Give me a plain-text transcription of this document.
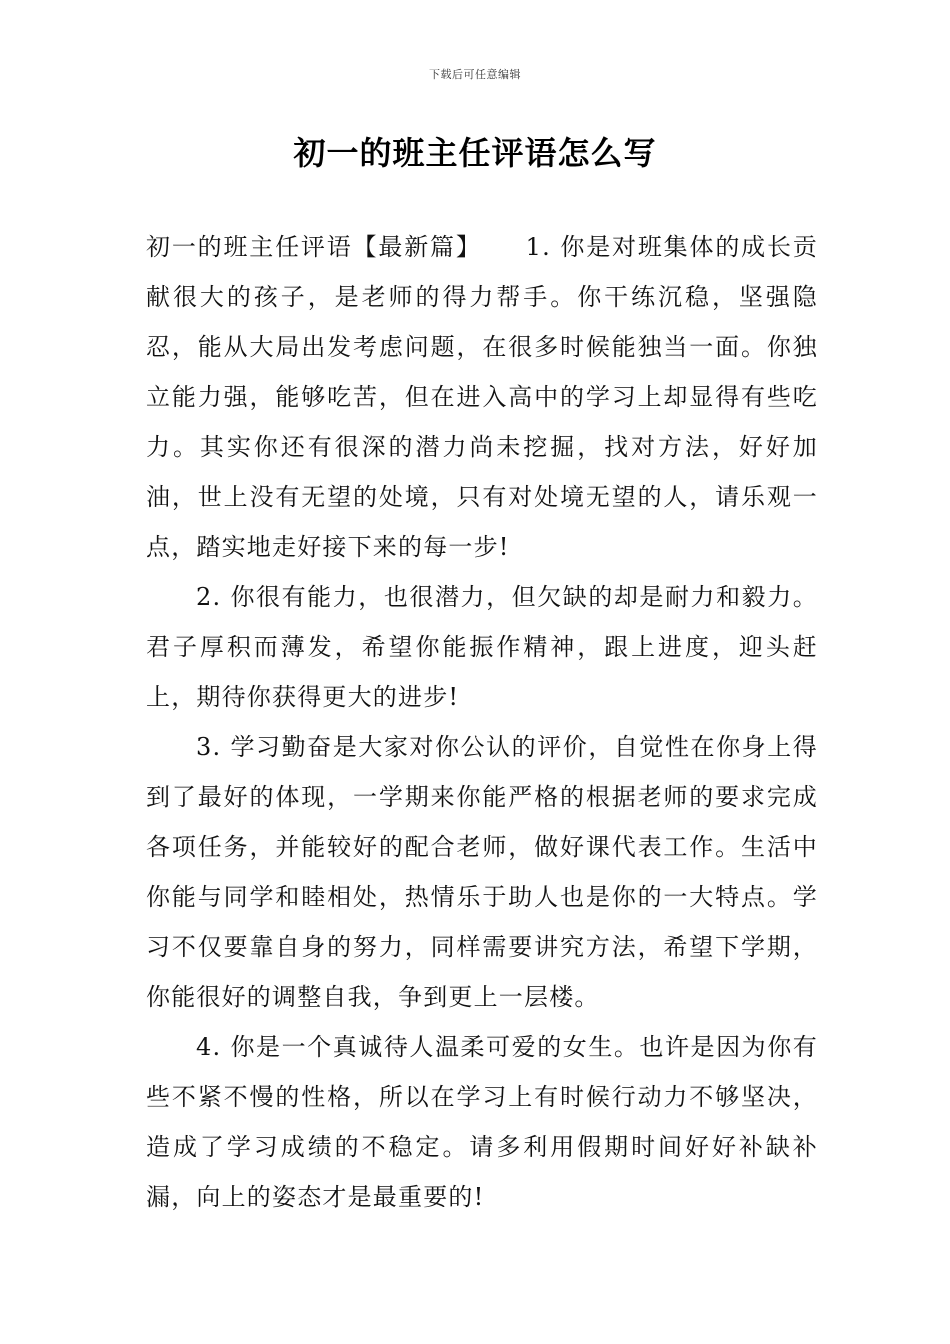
下载后可任意编辑
初一的班主任评语怎么写

初一的班主任评语【最新篇】 1. 你是对班集体的成长贡献很大的孩子，是老师的得力帮手。你干练沉稳，坚强隐忍，能从大局出发考虑问题，在很多时候能独当一面。你独立能力强，能够吃苦，但在进入高中的学习上却显得有些吃力。其实你还有很深的潜力尚未挖掘，找对方法，好好加油，世上没有无望的处境，只有对处境无望的人，请乐观一点，踏实地走好接下来的每一步!

2. 你很有能力，也很潜力，但欠缺的却是耐力和毅力。君子厚积而薄发，希望你能振作精神，跟上进度，迎头赶上，期待你获得更大的进步!

3. 学习勤奋是大家对你公认的评价，自觉性在你身上得到了最好的体现，一学期来你能严格的根据老师的要求完成各项任务，并能较好的配合老师，做好课代表工作。生活中你能与同学和睦相处，热情乐于助人也是你的一大特点。学习不仅要靠自身的努力，同样需要讲究方法，希望下学期，你能很好的调整自我，争到更上一层楼。

4. 你是一个真诚待人温柔可爱的女生。也许是因为你有些不紧不慢的性格，所以在学习上有时候行动力不够坚决，造成了学习成绩的不稳定。请多利用假期时间好好补缺补漏，向上的姿态才是最重要的!
